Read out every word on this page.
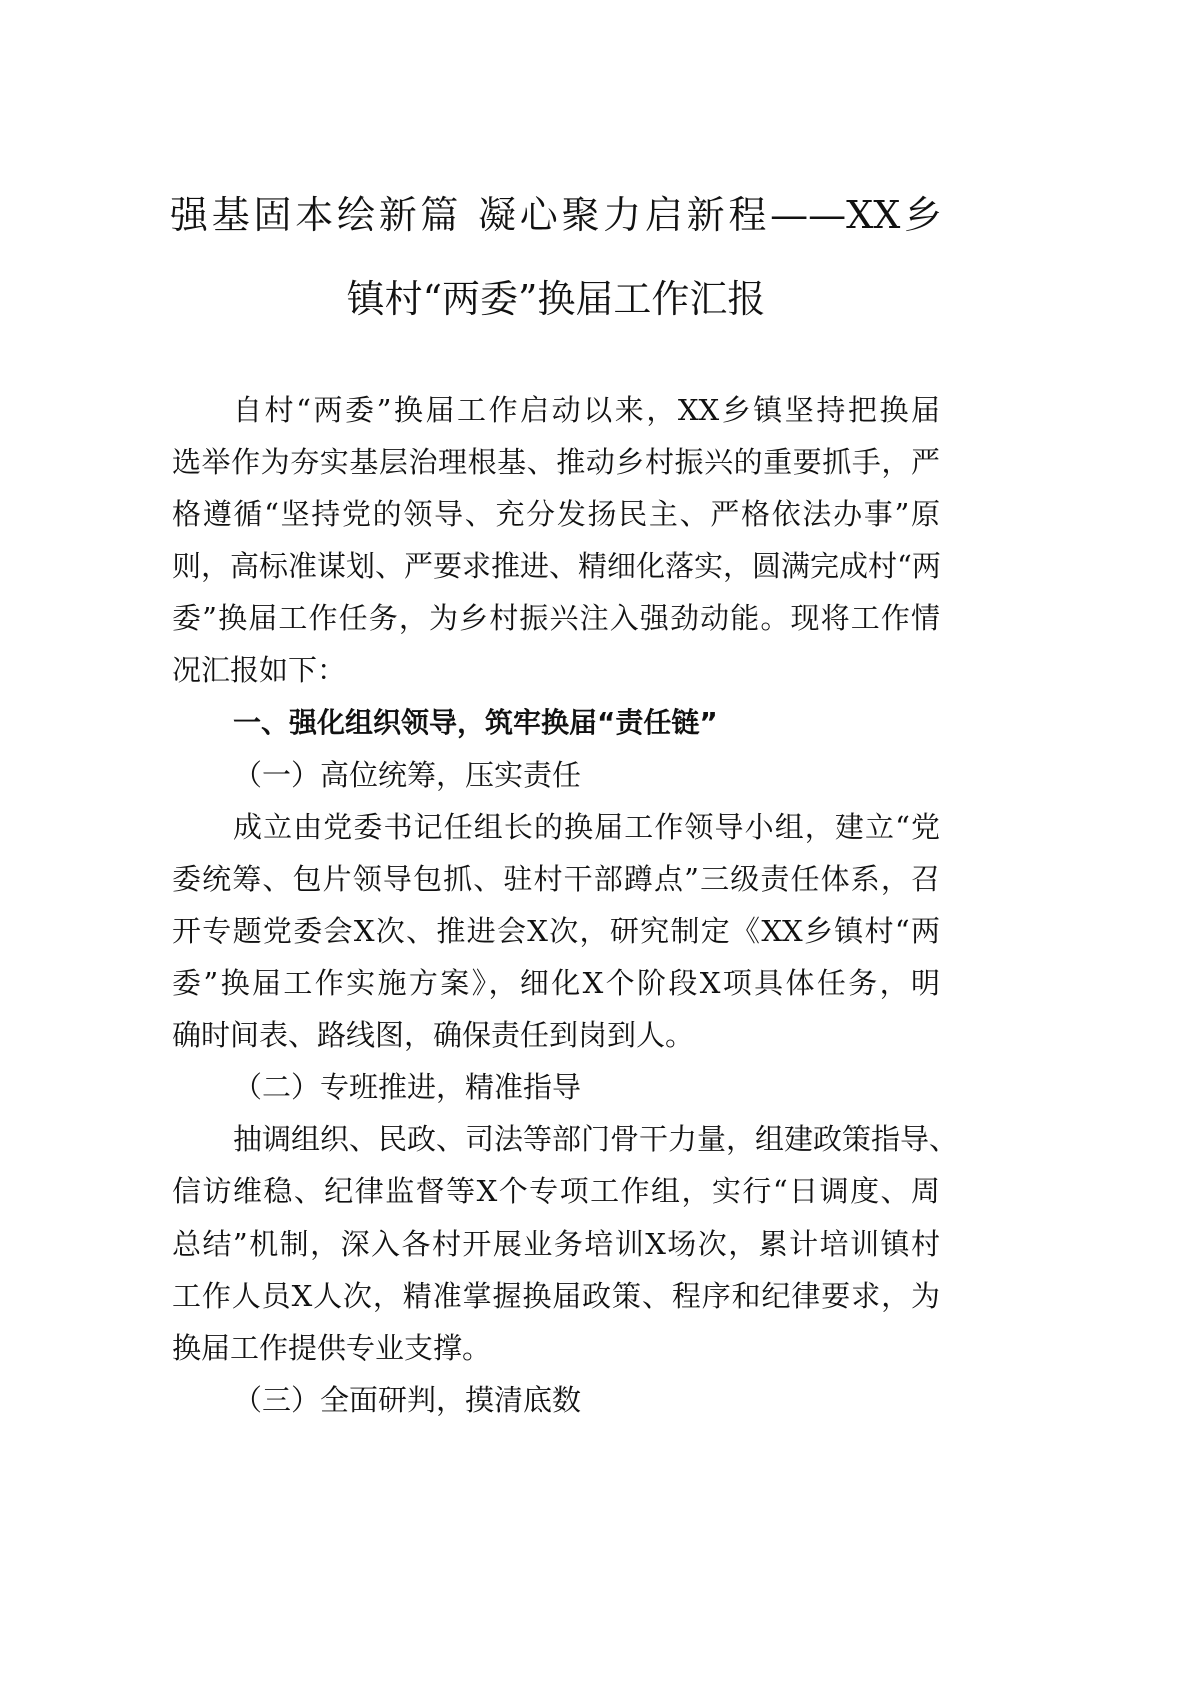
强基固本绘新篇 凝心聚力启新程——XX乡
镇村“两委”换届工作汇报
自村“两委”换届工作启动以来，XX乡镇坚持把换届
选举作为夯实基层治理根基、推动乡村振兴的重要抓手，严
格遵循“坚持党的领导、充分发扬民主、严格依法办事”原
则，高标准谋划、严要求推进、精细化落实，圆满完成村“两
委”换届工作任务，为乡村振兴注入强劲动能。现将工作情
况汇报如下：
一、强化组织领导，筑牢换届“责任链”
（一）高位统筹，压实责任
成立由党委书记任组长的换届工作领导小组，建立“党
委统筹、包片领导包抓、驻村干部蹲点”三级责任体系，召
开专题党委会X次、推进会X次，研究制定《XX乡镇村“两
委”换届工作实施方案》，细化X个阶段X项具体任务，明
确时间表、路线图，确保责任到岗到人。
（二）专班推进，精准指导
抽调组织、民政、司法等部门骨干力量，组建政策指导、
信访维稳、纪律监督等X个专项工作组，实行“日调度、周
总结”机制，深入各村开展业务培训X场次，累计培训镇村
工作人员X人次，精准掌握换届政策、程序和纪律要求，为
换届工作提供专业支撑。
（三）全面研判，摸清底数
